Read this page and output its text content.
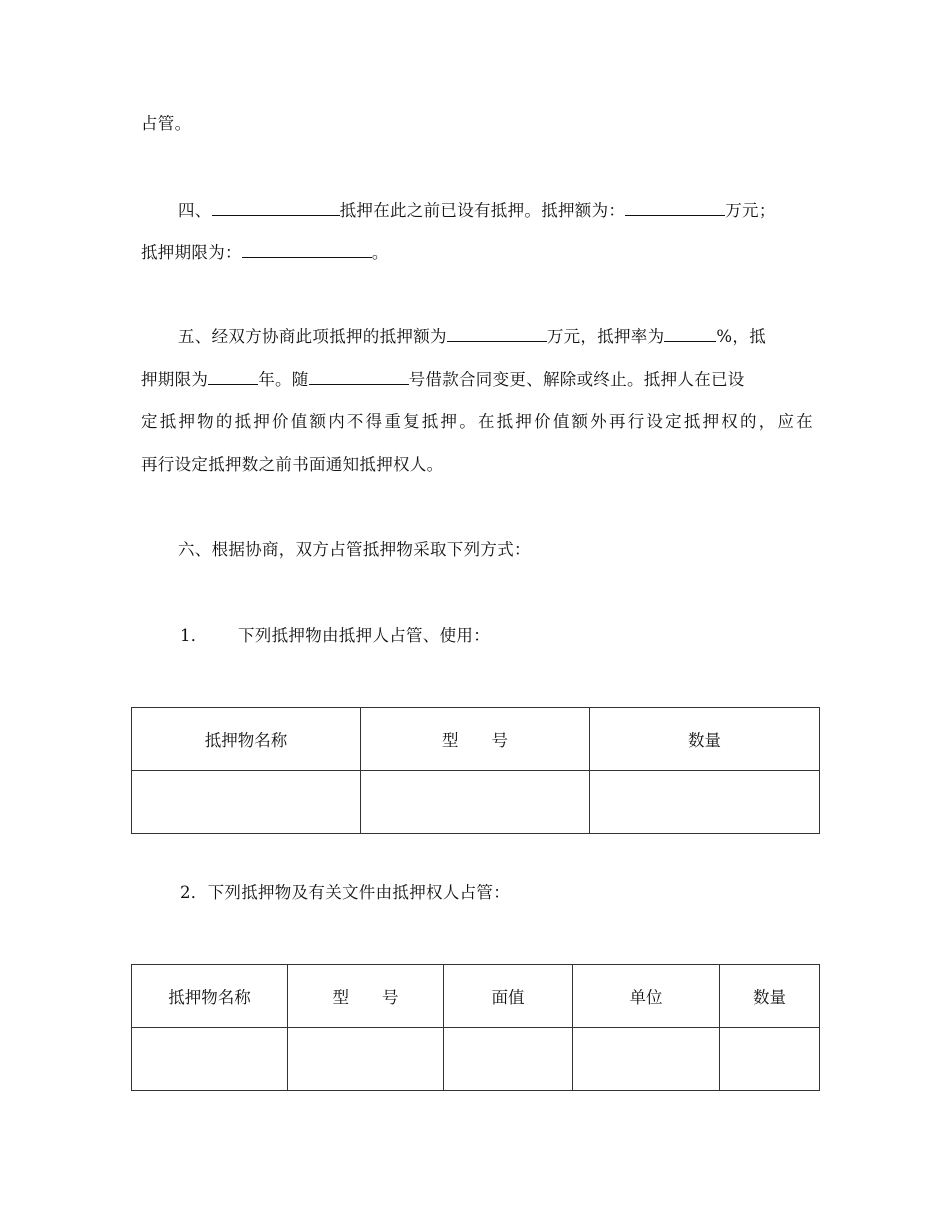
占管。
四、	抵押在此之前已设有抵押。抵押额为：	万元；
抵押期限为：	。
五、经双方协商此项抵押的抵押额为	万元，抵押率为	%，抵
押期限为	年。随	号借款合同变更、解除或终止。抵押人在已设
定抵押物的抵押价值额内不得重复抵押。在抵押价值额外再行设定抵押权的，应在
再行设定抵押数之前书面通知抵押权人。
六、根据协商，双方占管抵押物采取下列方式：
1． 下列抵押物由抵押人占管、使用：
抵押物名称	型　　号	数量

2．下列抵押物及有关文件由抵押权人占管：
抵押物名称	型　　号	面值	单位	数量
